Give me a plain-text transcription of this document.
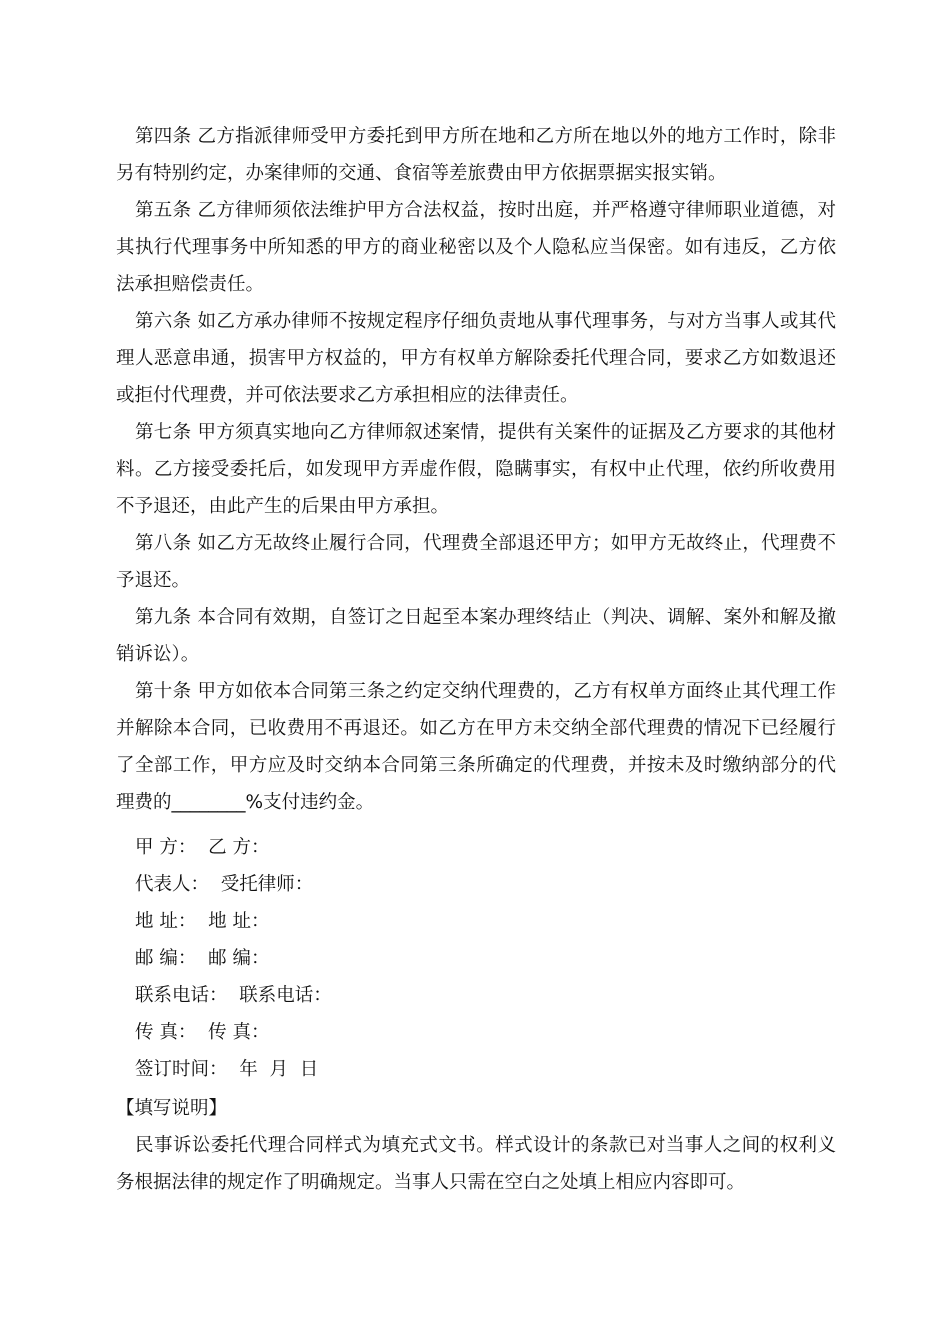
第四条 乙方指派律师受甲方委托到甲方所在地和乙方所在地以外的地方工作时，除非另有特别约定，办案律师的交通、食宿等差旅费由甲方依据票据实报实销。

第五条 乙方律师须依法维护甲方合法权益，按时出庭，并严格遵守律师职业道德，对其执行代理事务中所知悉的甲方的商业秘密以及个人隐私应当保密。如有违反，乙方依法承担赔偿责任。

第六条 如乙方承办律师不按规定程序仔细负责地从事代理事务，与对方当事人或其代理人恶意串通，损害甲方权益的，甲方有权单方解除委托代理合同，要求乙方如数退还或拒付代理费，并可依法要求乙方承担相应的法律责任。

第七条 甲方须真实地向乙方律师叙述案情，提供有关案件的证据及乙方要求的其他材料。乙方接受委托后，如发现甲方弄虚作假，隐瞒事实，有权中止代理，依约所收费用不予退还，由此产生的后果由甲方承担。

第八条 如乙方无故终止履行合同，代理费全部退还甲方；如甲方无故终止，代理费不予退还。

第九条 本合同有效期，自签订之日起至本案办理终结止（判决、调解、案外和解及撤销诉讼）。

第十条 甲方如依本合同第三条之约定交纳代理费的，乙方有权单方面终止其代理工作并解除本合同，已收费用不再退还。如乙方在甲方未交纳全部代理费的情况下已经履行了全部工作，甲方应及时交纳本合同第三条所确定的代理费，并按未及时缴纳部分的代理费的________%支付违约金。

甲 方：  乙 方：
代表人：  受托律师：
地 址：  地 址：
邮 编：  邮 编：
联系电话：  联系电话：
传 真：  传 真：
签订时间：  年  月  日
【填写说明】

民事诉讼委托代理合同样式为填充式文书。样式设计的条款已对当事人之间的权利义务根据法律的规定作了明确规定。当事人只需在空白之处填上相应内容即可。
